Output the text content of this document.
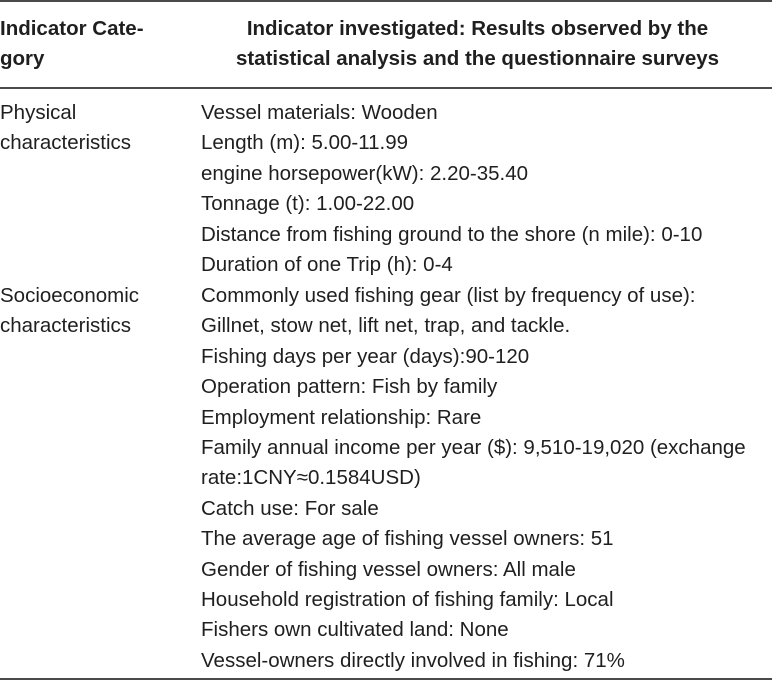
Indicator Cate-
gory
Indicator investigated: Results observed by the
statistical analysis and the questionnaire surveys
Physical
characteristics
Vessel materials: Wooden
Length (m): 5.00-11.99
engine horsepower(kW): 2.20-35.40
Tonnage (t): 1.00-22.00
Distance from fishing ground to the shore (n mile): 0-10
Duration of one Trip (h): 0-4
Socioeconomic
characteristics
Commonly used fishing gear (list by frequency of use):
Gillnet, stow net, lift net, trap, and tackle.
Fishing days per year (days):90-120
Operation pattern: Fish by family
Employment relationship: Rare
Family annual income per year ($): 9,510-19,020 (exchange
rate:1CNY≈0.1584USD)
Catch use: For sale
The average age of fishing vessel owners: 51
Gender of fishing vessel owners: All male
Household registration of fishing family: Local
Fishers own cultivated land: None
Vessel-owners directly involved in fishing: 71%
